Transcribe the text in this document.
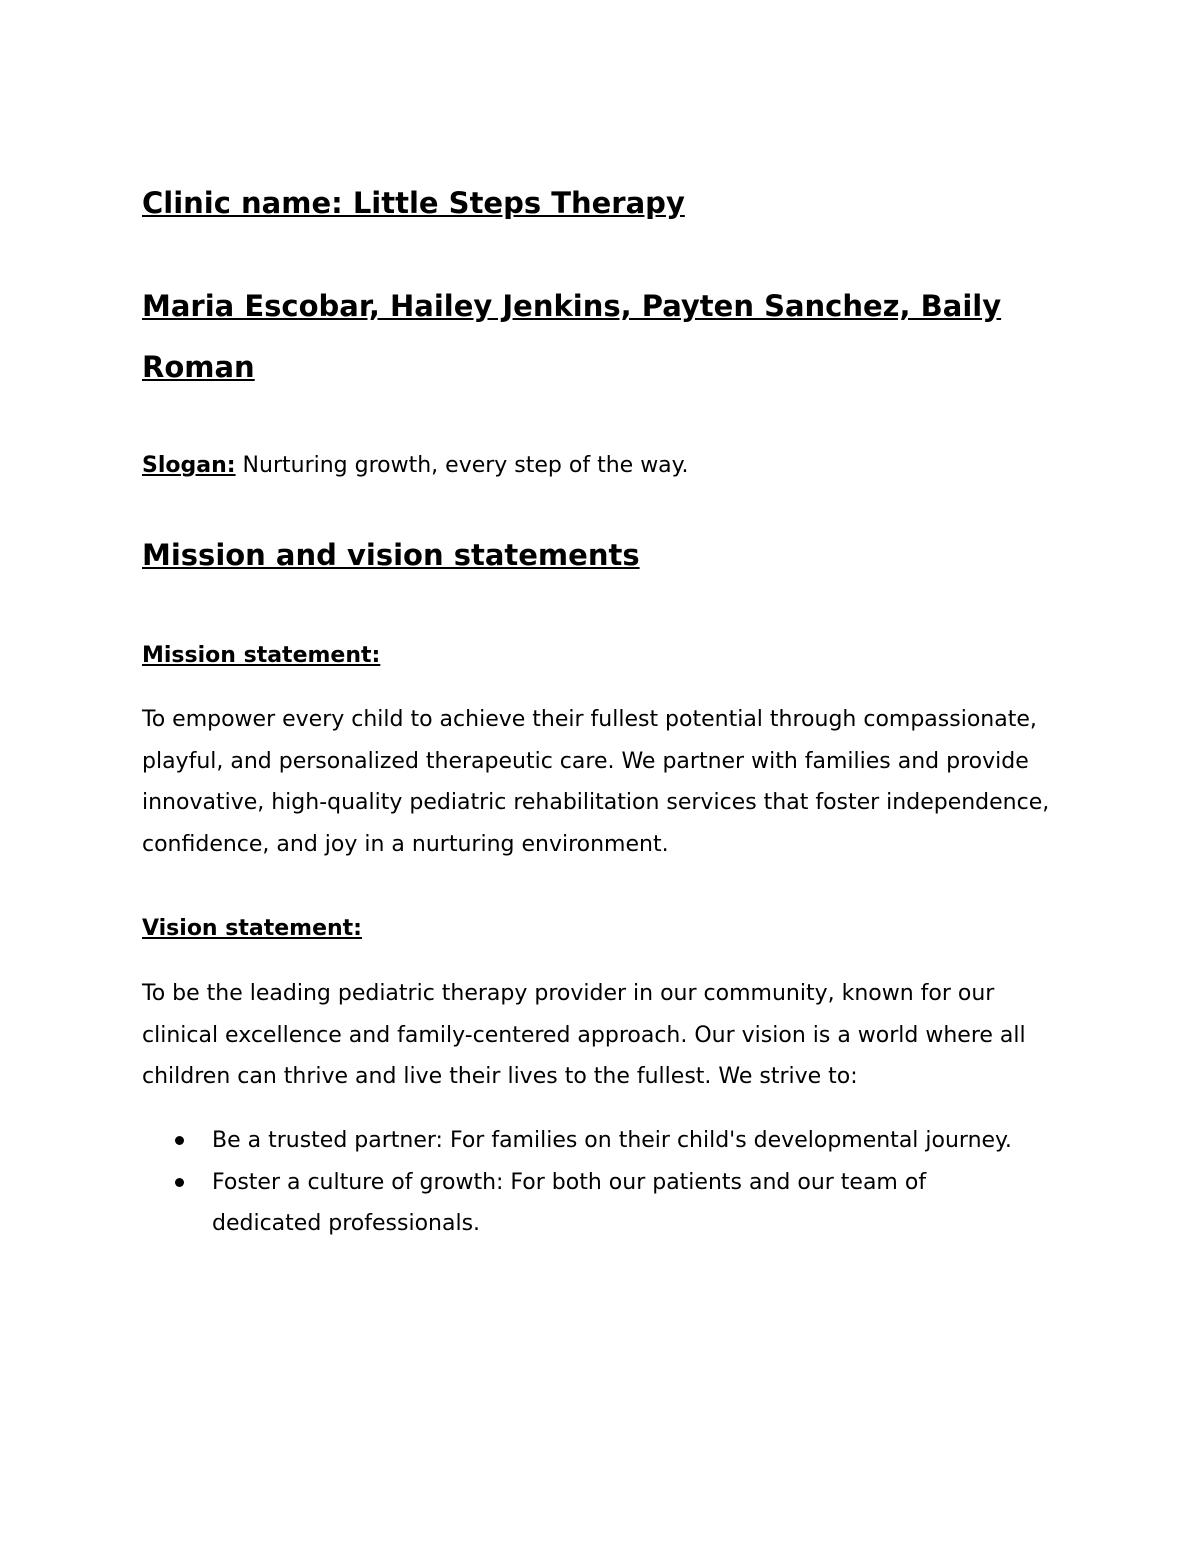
Clinic name: Little Steps Therapy
Maria Escobar, Hailey Jenkins, Payten Sanchez, Baily Roman

Slogan: Nurturing growth, every step of the way.

Mission and vision statements
Mission statement:

To empower every child to achieve their fullest potential through compassionate, playful, and personalized therapeutic care. We partner with families and provide innovative, high-quality pediatric rehabilitation services that foster independence, confidence, and joy in a nurturing environment.

Vision statement:

To be the leading pediatric therapy provider in our community, known for our clinical excellence and family-centered approach. Our vision is a world where all children can thrive and live their lives to the fullest. We strive to:

Be a trusted partner: For families on their child's developmental journey.
Foster a culture of growth: For both our patients and our team of dedicated professionals.
